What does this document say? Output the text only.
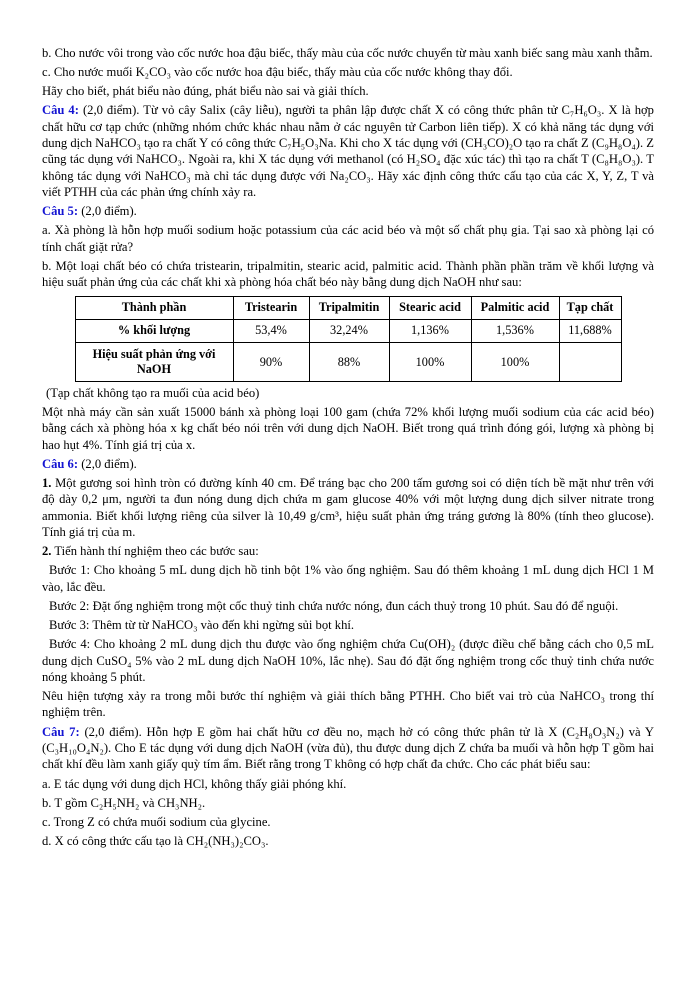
b. Cho nước vôi trong vào cốc nước hoa đậu biếc, thấy màu của cốc nước chuyển từ màu xanh biếc sang màu xanh thẫm.

c. Cho nước muối K₂CO₃ vào cốc nước hoa đậu biếc, thấy màu của cốc nước không thay đổi.

Hãy cho biết, phát biểu nào đúng, phát biểu nào sai và giải thích.

Câu 4: (2,0 điểm). Từ vỏ cây Salix (cây liễu), người ta phân lập được chất X có công thức phân tử C₇H₆O₃. X là hợp chất hữu cơ tạp chức (những nhóm chức khác nhau nằm ở các nguyên tử Carbon liên tiếp). X có khả năng tác dụng với dung dịch NaHCO₃ tạo ra chất Y có công thức C₇H₅O₃Na. Khi cho X tác dụng với (CH₃CO)₂O tạo ra chất Z (C₉H₈O₄). Z cũng tác dụng với NaHCO₃. Ngoài ra, khi X tác dụng với methanol (có H₂SO₄ đặc xúc tác) thì tạo ra chất T (C₈H₈O₃). T không tác dụng với NaHCO₃ mà chỉ tác dụng được với Na₂CO₃. Hãy xác định công thức cấu tạo của các X, Y, Z, T và viết PTHH của các phản ứng chính xảy ra.

Câu 5: (2,0 điểm).

a. Xà phòng là hỗn hợp muối sodium hoặc potassium của các acid béo và một số chất phụ gia. Tại sao xà phòng lại có tính chất giặt rửa?

b. Một loại chất béo có chứa tristearin, tripalmitin, stearic acid, palmitic acid. Thành phần phần trăm về khối lượng và hiệu suất phản ứng của các chất khi xà phòng hóa chất béo này bằng dung dịch NaOH như sau:

Thành phần	Tristearin	Tripalmitin	Stearic acid	Palmitic acid	Tạp chất
% khối lượng	53,4%	32,24%	1,136%	1,536%	11,688%
Hiệu suất phản ứng với NaOH	90%	88%	100%	100%	

(Tạp chất không tạo ra muối của acid béo)

Một nhà máy cần sản xuất 15000 bánh xà phòng loại 100 gam (chứa 72% khối lượng muối sodium của các acid béo) bằng cách xà phòng hóa x kg chất béo nói trên với dung dịch NaOH. Biết trong quá trình đóng gói, lượng xà phòng bị hao hụt 4%. Tính giá trị của x.

Câu 6: (2,0 điểm).

1. Một gương soi hình tròn có đường kính 40 cm. Để tráng bạc cho 200 tấm gương soi có diện tích bề mặt như trên với độ dày 0,2 μm, người ta đun nóng dung dịch chứa m gam glucose 40% với một lượng dung dịch silver nitrate trong ammonia. Biết khối lượng riêng của silver là 10,49 g/cm³, hiệu suất phản ứng tráng gương là 80% (tính theo glucose). Tính giá trị của m.

2. Tiến hành thí nghiệm theo các bước sau:

Bước 1: Cho khoảng 5 mL dung dịch hồ tinh bột 1% vào ống nghiệm. Sau đó thêm khoảng 1 mL dung dịch HCl 1 M vào, lắc đều.

Bước 2: Đặt ống nghiệm trong một cốc thuỷ tinh chứa nước nóng, đun cách thuỷ trong 10 phút. Sau đó để nguội.

Bước 3: Thêm từ từ NaHCO₃ vào đến khi ngừng sủi bọt khí.

Bước 4: Cho khoảng 2 mL dung dịch thu được vào ống nghiệm chứa Cu(OH)₂ (được điều chế bằng cách cho 0,5 mL dung dịch CuSO₄ 5% vào 2 mL dung dịch NaOH 10%, lắc nhẹ). Sau đó đặt ống nghiệm trong cốc thuỷ tinh chứa nước nóng khoảng 5 phút.

Nêu hiện tượng xảy ra trong mỗi bước thí nghiệm và giải thích bằng PTHH. Cho biết vai trò của NaHCO₃ trong thí nghiệm trên.

Câu 7: (2,0 điểm). Hỗn hợp E gồm hai chất hữu cơ đều no, mạch hở có công thức phân tử là X (C₂H₈O₃N₂) và Y (C₃H₁₀O₄N₂). Cho E tác dụng với dung dịch NaOH (vừa đủ), thu được dung dịch Z chứa ba muối và hỗn hợp T gồm hai chất khí đều làm xanh giấy quỳ tím ẩm. Biết rằng trong T không có hợp chất đa chức. Cho các phát biểu sau:

a. E tác dụng với dung dịch HCl, không thấy giải phóng khí.

b. T gồm C₂H₅NH₂ và CH₃NH₂.

c. Trong Z có chứa muối sodium của glycine.

d. X có công thức cấu tạo là CH₂(NH₃)₂CO₃.
